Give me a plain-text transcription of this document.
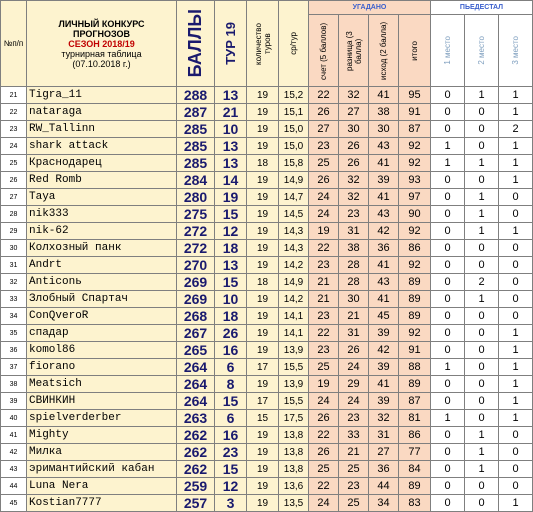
№п/п	ЛИЧНЫЙ КОНКУРС
ПРОГНОЗОВ
СЕЗОН 2018/19
турнирная таблица
(07.10.2018 г.)	БАЛЛЫ	ТУР 19	количество туров	ср/тур	УГАДАНО				ПЬЕДЕСТАЛ		

						счет (5 баллов)	разница (3 балла)	исход (2 балла)	итого	1 место	2 место	3 место

21	Tigra_11	288	13	19	15,2	22	32	41	95	0	1	1
22	nataraga	287	21	19	15,1	26	27	38	91	0	0	1
23	RW_Tallinn	285	10	19	15,0	27	30	30	87	0	0	2
24	shark attack	285	13	19	15,0	23	26	43	92	1	0	1
25	Краснодарец	285	13	18	15,8	25	26	41	92	1	1	1
26	Red Romb	284	14	19	14,9	26	32	39	93	0	0	1
27	Taya	280	19	19	14,7	24	32	41	97	0	1	0
28	nik333	275	15	19	14,5	24	23	43	90	0	1	0
29	nik-62	272	12	19	14,3	19	31	42	92	0	1	1
30	Колхозный панк	272	18	19	14,3	22	38	36	86	0	0	0
31	Andrt	270	13	19	14,2	23	28	41	92	0	0	0
32	Anticonь	269	15	18	14,9	21	28	43	89	0	2	0
33	Злобный Спартач	269	10	19	14,2	21	30	41	89	0	1	0
34	ConQveroR	268	18	19	14,1	23	21	45	89	0	0	0
35	спадар	267	26	19	14,1	22	31	39	92	0	0	1
36	komol86	265	16	19	13,9	23	26	42	91	0	0	1
37	fiorano	264	6	17	15,5	25	24	39	88	1	0	1
38	Meatsich	264	8	19	13,9	19	29	41	89	0	0	1
39	СВИНКИН	264	15	17	15,5	24	24	39	87	0	0	1
40	spielverderber	263	6	15	17,5	26	23	32	81	1	0	1
41	Mighty	262	16	19	13,8	22	33	31	86	0	1	0
42	Милка	262	23	19	13,8	26	21	27	77	0	1	0
43	эримантийский кабан	262	15	19	13,8	25	25	36	84	0	1	0
44	Luna Nera	259	12	19	13,6	22	23	44	89	0	0	0
45	Kostian7777	257	3	19	13,5	24	25	34	83	0	0	1
